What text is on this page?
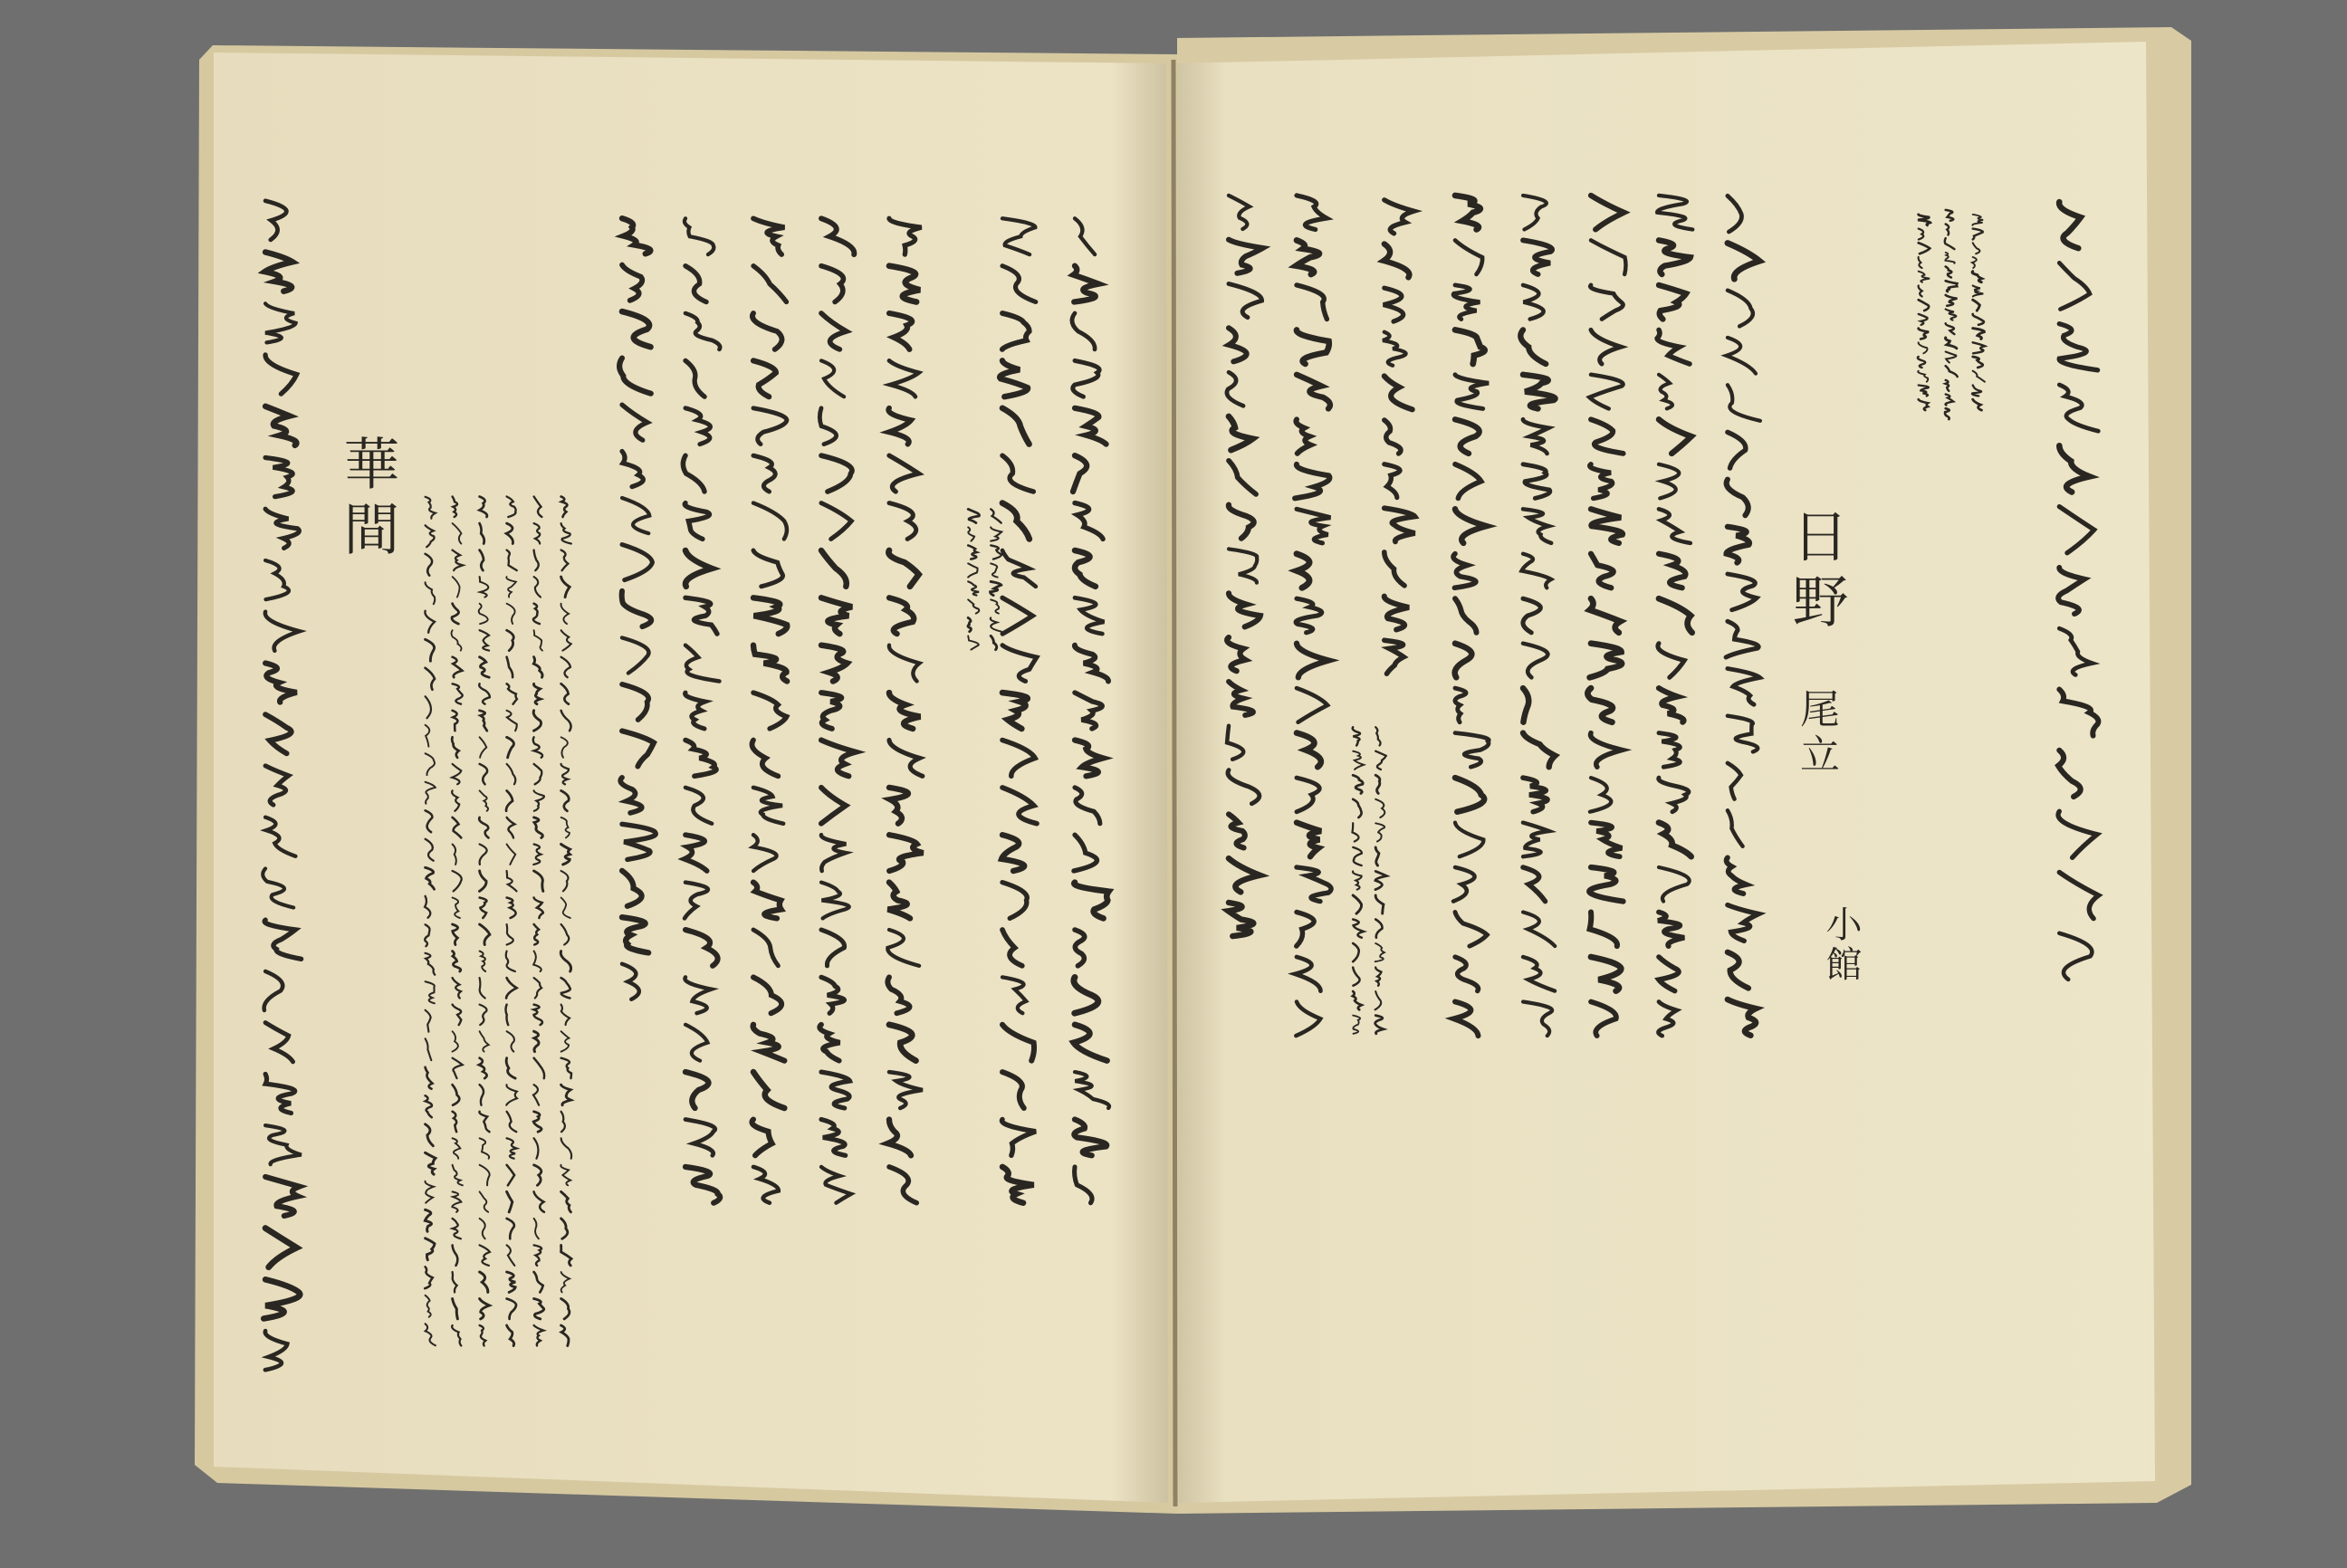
日野
尾立
小館
華間
